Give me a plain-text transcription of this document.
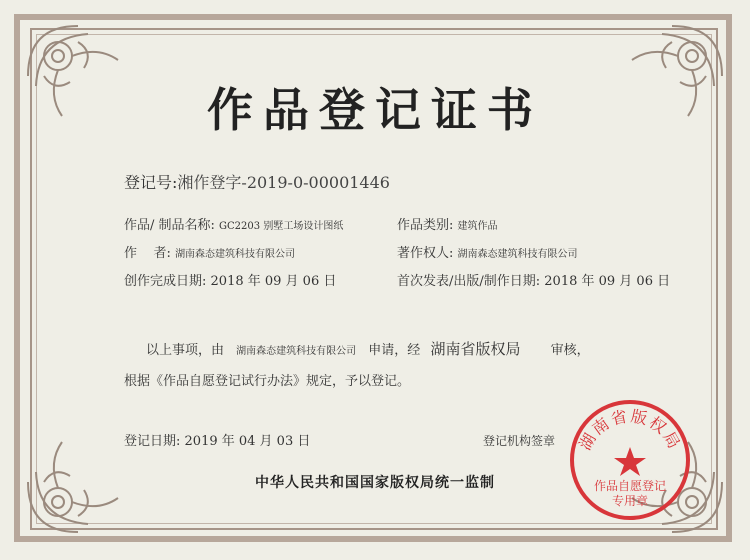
作品登记证书
登记号:湘作登字-2019-0-00001446
作品/ 制品名称: GC2203 别墅工场设计图纸	作品类别: 建筑作品
作    者: 湖南森态建筑科技有限公司	著作权人: 湖南森态建筑科技有限公司
创作完成日期: 2018 年 09 月 06 日	首次发表/出版/制作日期: 2018 年 09 月 06 日
以上事项，由 湖南森态建筑科技有限公司 申请，经 湖南省版权局 审核，
根据《作品自愿登记试行办法》规定，予以登记。
登记日期: 2019 年 04 月 03 日	登记机构签章 湖南省版权局
作品自愿登记
专用章
中华人民共和国国家版权局统一监制
